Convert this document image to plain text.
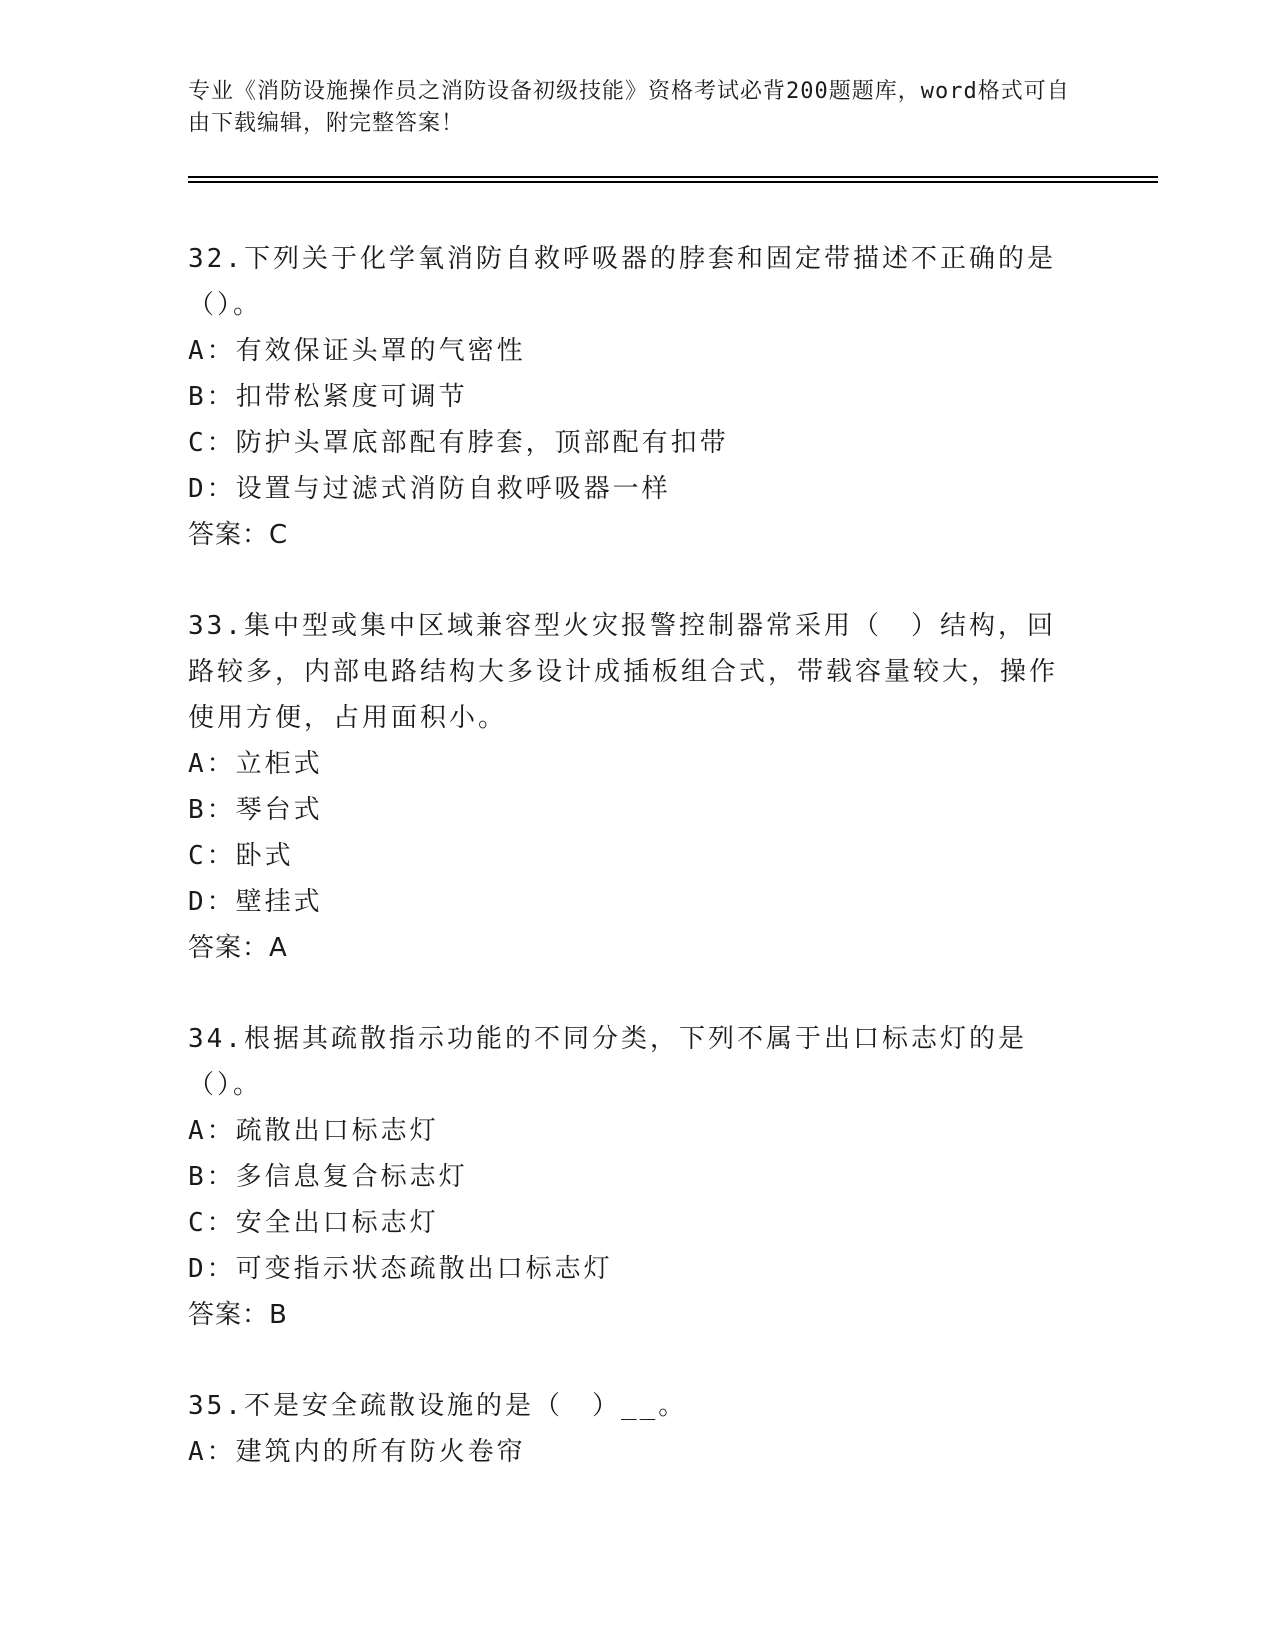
专业《消防设施操作员之消防设备初级技能》资格考试必背200题题库，word格式可自由下载编辑，附完整答案！
32.下列关于化学氧消防自救呼吸器的脖套和固定带描述不正确的是（）。
A：有效保证头罩的气密性
B：扣带松紧度可调节
C：防护头罩底部配有脖套，顶部配有扣带
D：设置与过滤式消防自救呼吸器一样
答案：C
33.集中型或集中区域兼容型火灾报警控制器常采用（　）结构，回路较多，内部电路结构大多设计成插板组合式，带载容量较大，操作使用方便，占用面积小。
A：立柜式
B：琴台式
C：卧式
D：壁挂式
答案：A
34.根据其疏散指示功能的不同分类，下列不属于出口标志灯的是（）。
A：疏散出口标志灯
B：多信息复合标志灯
C：安全出口标志灯
D：可变指示状态疏散出口标志灯
答案：B
35.不是安全疏散设施的是（　）__。
A：建筑内的所有防火卷帘
